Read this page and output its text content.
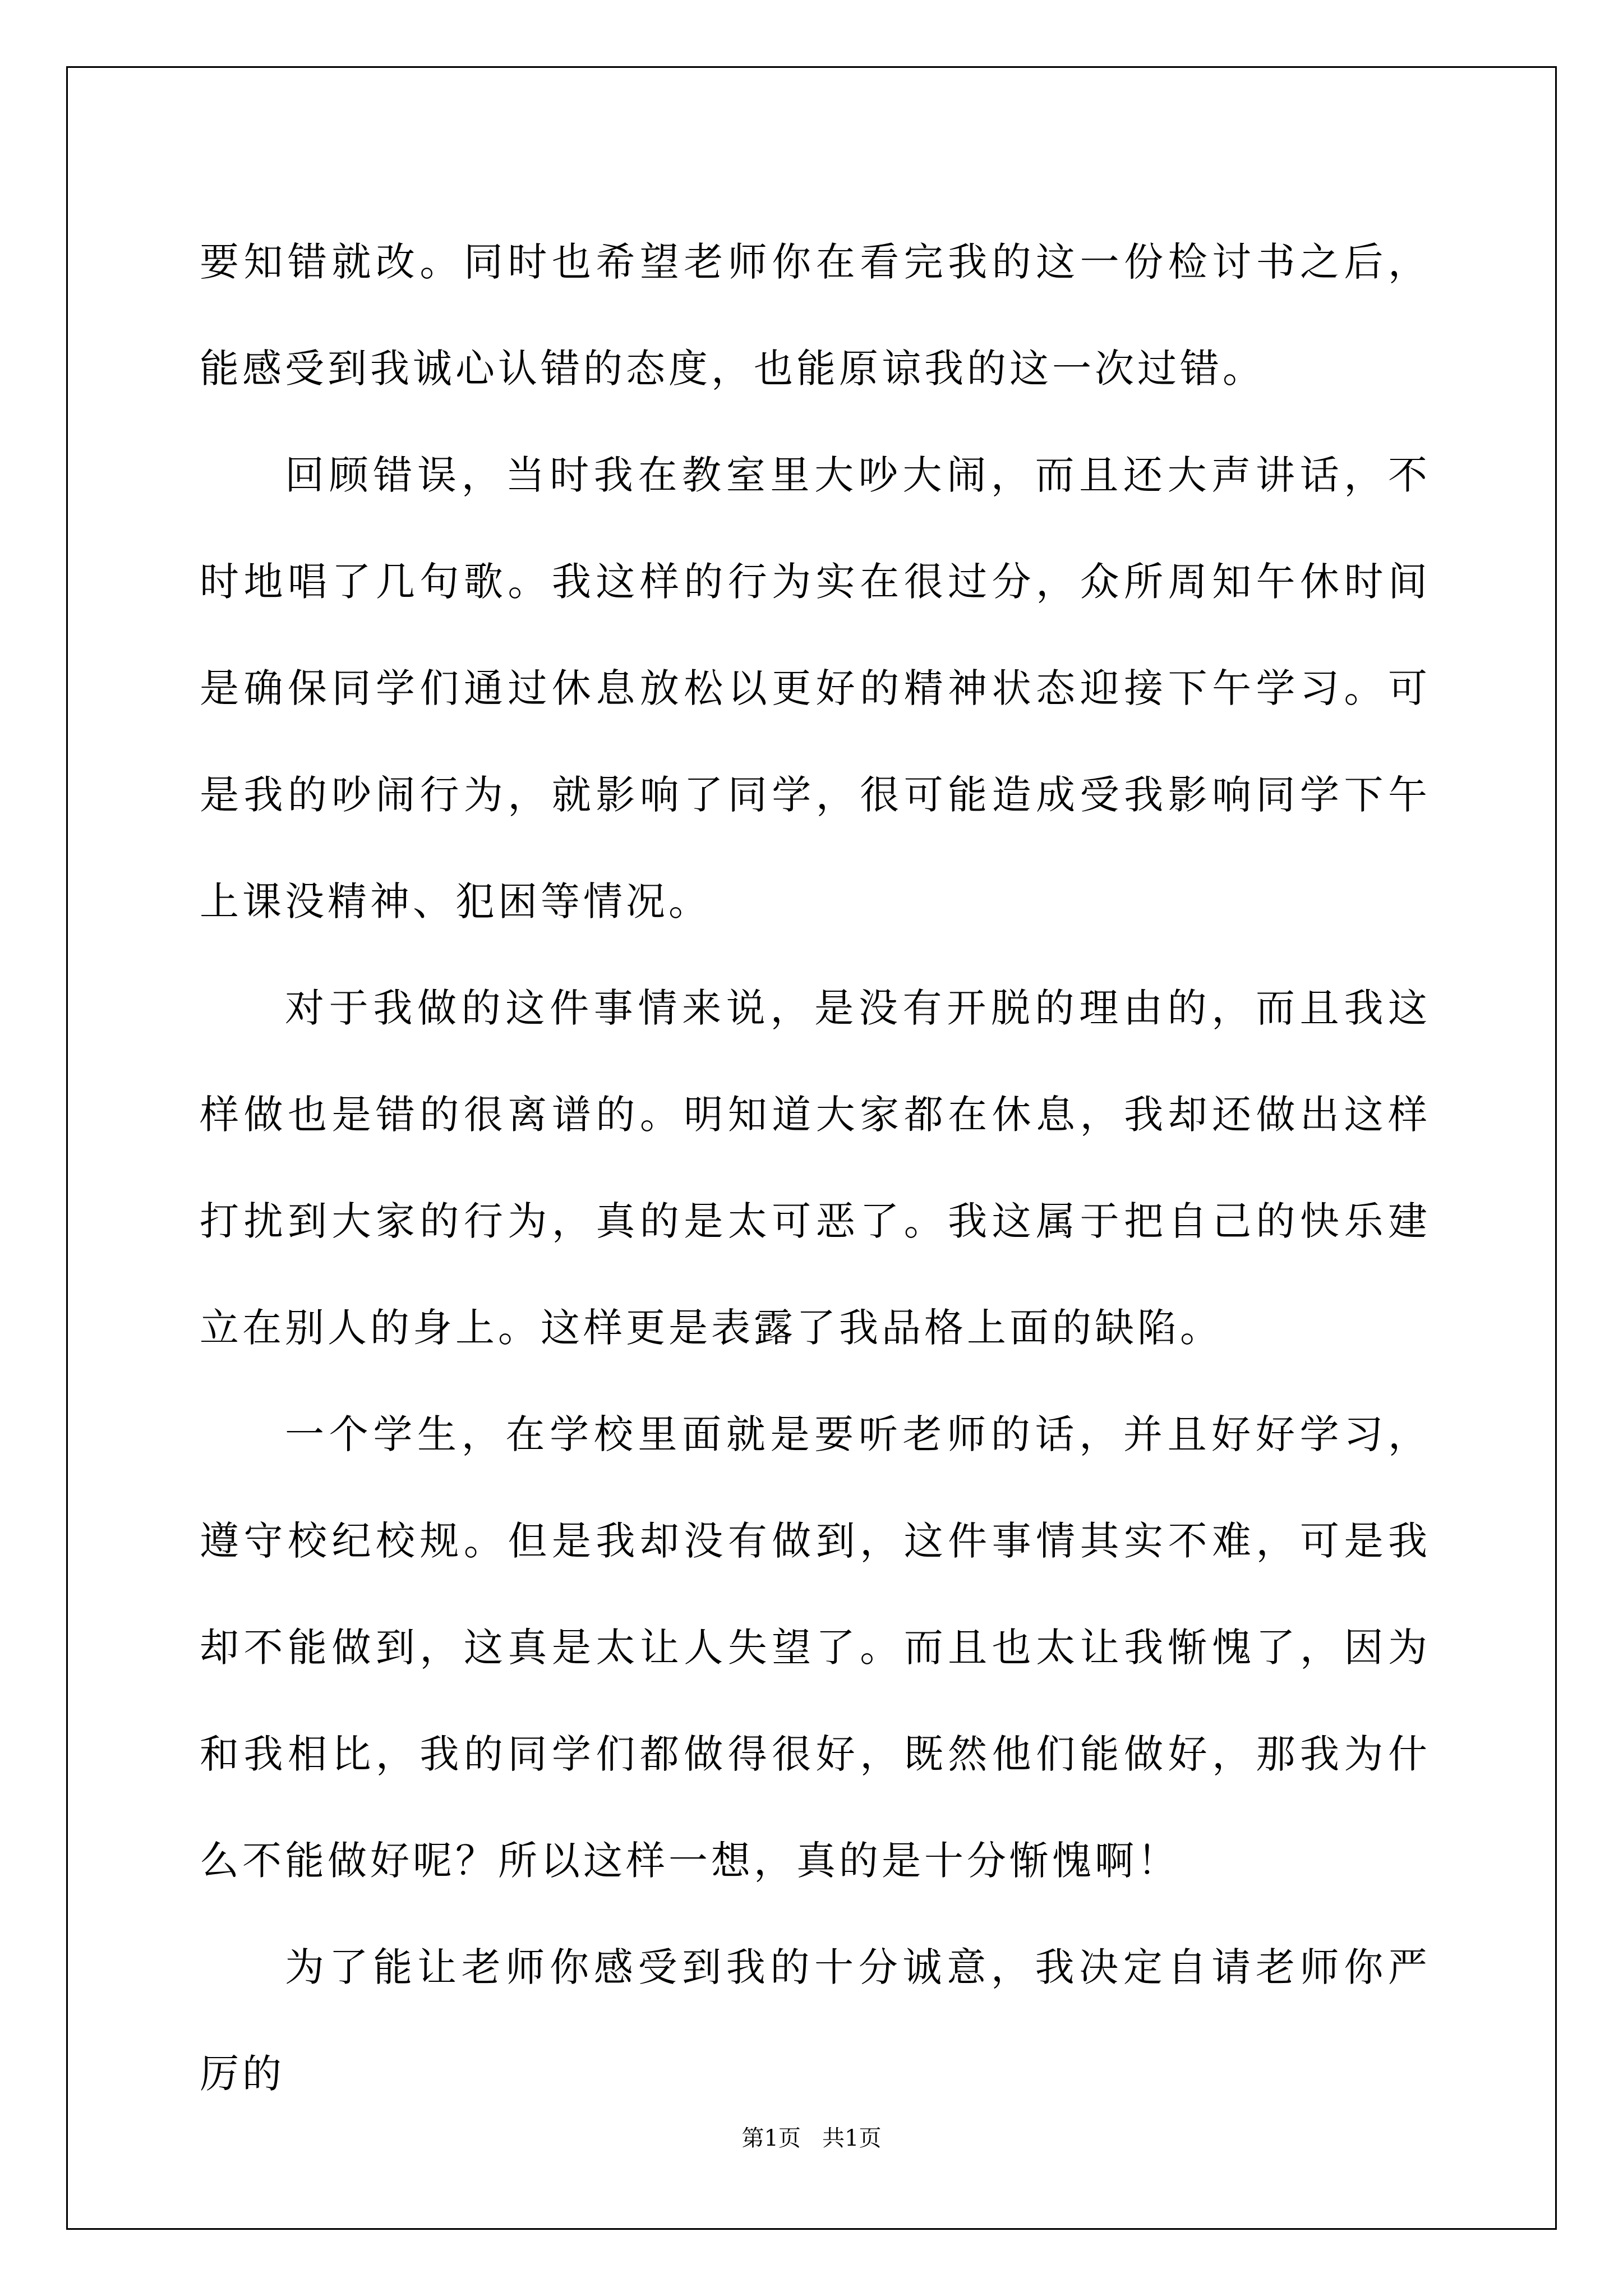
要知错就改。同时也希望老师你在看完我的这一份检讨书之后，能感受到我诚心认错的态度，也能原谅我的这一次过错。

回顾错误，当时我在教室里大吵大闹，而且还大声讲话，不时地唱了几句歌。我这样的行为实在很过分，众所周知午休时间是确保同学们通过休息放松以更好的精神状态迎接下午学习。可是我的吵闹行为，就影响了同学，很可能造成受我影响同学下午上课没精神、犯困等情况。

对于我做的这件事情来说，是没有开脱的理由的，而且我这样做也是错的很离谱的。明知道大家都在休息，我却还做出这样打扰到大家的行为，真的是太可恶了。我这属于把自己的快乐建立在别人的身上。这样更是表露了我品格上面的缺陷。

一个学生，在学校里面就是要听老师的话，并且好好学习，遵守校纪校规。但是我却没有做到，这件事情其实不难，可是我却不能做到，这真是太让人失望了。而且也太让我惭愧了，因为和我相比，我的同学们都做得很好，既然他们能做好，那我为什么不能做好呢？所以这样一想，真的是十分惭愧啊！

为了能让老师你感受到我的十分诚意，我决定自请老师你严厉的

第1页   共1页
